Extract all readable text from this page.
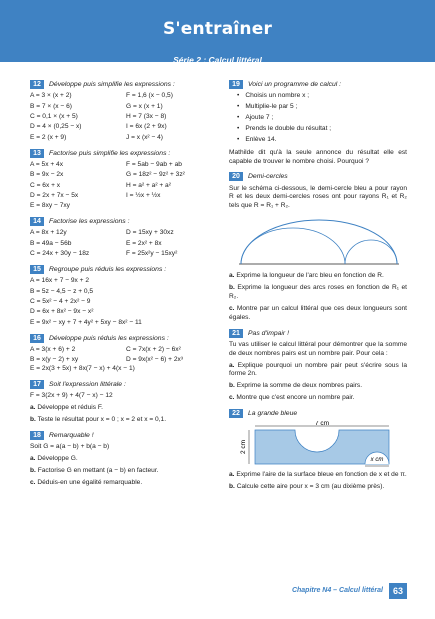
S'entraîner
Série 2 : Calcul littéral
12	Développe puis simplifie les expressions :
A = 3 × (x + 2)	F = 1,6 (x − 0,5)
B = 7 × (x − 6)	G = x (x + 1)
C = 0,1 × (x + 5)	H = 7 (3x − 8)
D = 4 × (0,25 − x)	I = 6x (2 + 9x)
E = 2 (x + 9)	J = x (x² − 4)
13	Factorise puis simplifie les expressions :
A = 5x + 4x	F = 5ab − 9ab + ab
B = 9x − 2x	G = 18z² − 9z² + 3z²
C = 6x + x	H = a² + a² + a²
D = 2x + 7x − 5x	I = ½x + ½x
E = 8xy − 7xy
14	Factorise les expressions :
A = 8x + 12y	D = 15xy + 30xz
B = 49a − 56b	E = 2x² + 8x
C = 24x + 30y − 18z	F = 25x²y − 15xy²
15	Regroupe puis réduis les expressions :
A = 16x + 7 − 9x + 2
B = 5z − 4,5 − z + 0,5
C = 5x² − 4 + 2x² − 9
D = 6x + 8x² − 9x − x²
E = 9x² − xy + 7 + 4y² + 5xy − 8x² − 11
16	Développe puis réduis les expressions :
A = 3(x + 6) + 2	C = 7x(x + 2) − 6x²
B = x(y − 2) + xy	D = 9x(x² − 6) + 2x³
E = 2x(3 + 5x) + 8x(7 − x) + 4(x − 1)
17	Soit l'expression littérale :
F = 3(2x + 9) + 4(7 − x) − 12
a. Développe et réduis F.
b. Teste le résultat pour x = 0 ; x = 2 et x = 0,1.
18	Remarquable !
Soit G = a(a − b) + b(a − b)
a. Développe G.
b. Factorise G en mettant (a − b) en facteur.
c. Déduis-en une égalité remarquable.
19	Voici un programme de calcul :
• Choisis un nombre x ;
• Multiplie-le par 5 ;
• Ajoute 7 ;
• Prends le double du résultat ;
• Enlève 14.
Mathilde dit qu'à la seule annonce du résultat elle est capable de trouver le nombre choisi. Pourquoi ?
20	Demi-cercles
Sur le schéma ci-dessous, le demi-cercle bleu a pour rayon R et les deux demi-cercles roses ont pour rayons R₁ et R₂ tels que R = R₁ + R₂.
a. Exprime la longueur de l'arc bleu en fonction de R.
b. Exprime la longueur des arcs roses en fonction de R₁ et R₂.
c. Montre par un calcul littéral que ces deux longueurs sont égales.
21	Pas d'impair !
Tu vas utiliser le calcul littéral pour démontrer que la somme de deux nombres pairs est un nombre pair. Pour cela :
a. Explique pourquoi un nombre pair peut s'écrire sous la forme 2n.
b. Exprime la somme de deux nombres pairs.
c. Montre que c'est encore un nombre pair.
22	La grande bleue
7 cm
2 cm
x cm
a. Exprime l'aire de la surface bleue en fonction de x et de π.
b. Calcule cette aire pour x = 3 cm (au dixième près).
Chapitre N4 – Calcul littéral	63
